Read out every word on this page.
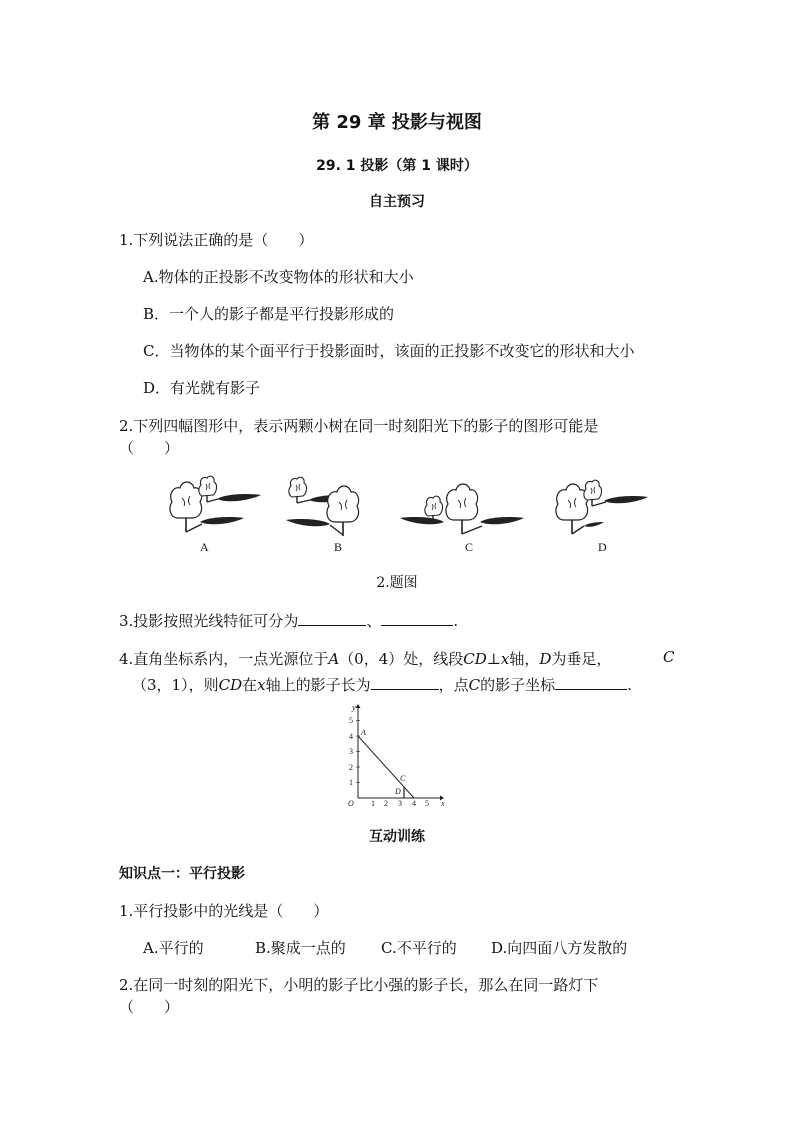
第 29 章 投影与视图
29. 1 投影（第 1 课时）
自主预习
1.下列说法正确的是（　　）
A.物体的正投影不改变物体的形状和大小
B．一个人的影子都是平行投影形成的
C．当物体的某个面平行于投影面时，该面的正投影不改变它的形状和大小
D．有光就有影子
2.下列四幅图形中，表示两颗小树在同一时刻阳光下的影子的图形可能是
（　　）
A	B	C	D
2.题图
3.投影按照光线特征可分为	、	.
4.直角坐标系内，一点光源位于A（0，4）处，线段CD⊥x轴，D为垂足，	C
（3，1），则CD在x轴上的影子长为	，点C的影子坐标	.
y
x
O
5
4
3
2
1
1 2 3 4 5
A
C
D
互动训练
知识点一：平行投影
1.平行投影中的光线是（　　）
A.平行的	B.聚成一点的 C.不平行的 D.向四面八方发散的
2.在同一时刻的阳光下，小明的影子比小强的影子长，那么在同一路灯下
（　　）
